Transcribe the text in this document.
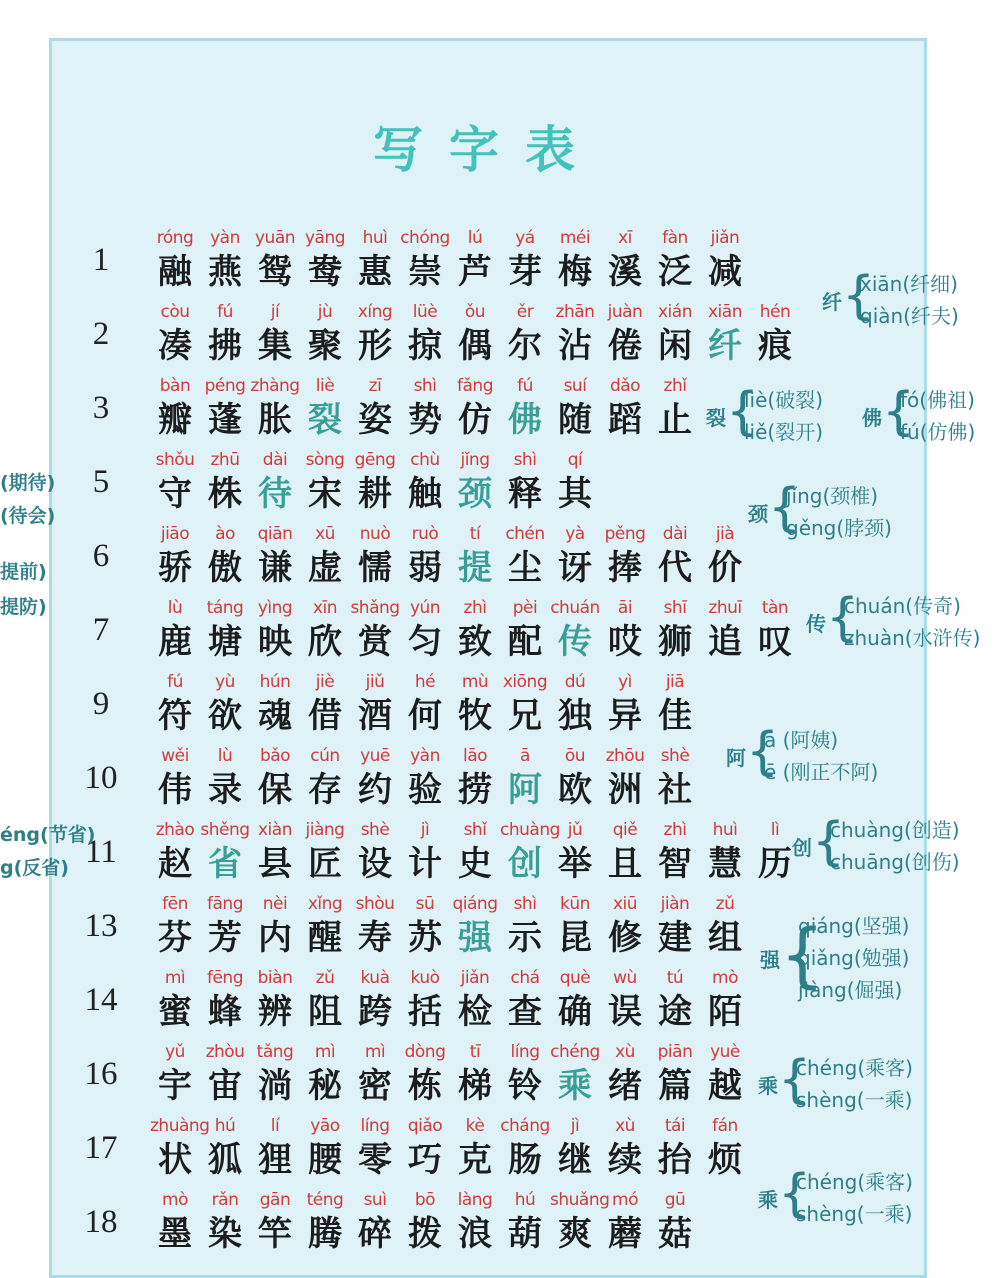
写字表
1
róng
融
yàn
燕
yuān
鸳
yāng
鸯
huì
惠
chóng
崇
lú
芦
yá
芽
méi
梅
xī
溪
fàn
泛
jiǎn
减
2
còu
凑
fú
拂
jí
集
jù
聚
xíng
形
lüè
掠
ǒu
偶
ěr
尔
zhān
沾
juàn
倦
xián
闲
xiān
纤
hén
痕
3
bàn
瓣
péng
蓬
zhàng
胀
liè
裂
zī
姿
shì
势
fǎng
仿
fú
佛
suí
随
dǎo
蹈
zhǐ
止
5
shǒu
守
zhū
株
dài
待
sòng
宋
gēng
耕
chù
触
jǐng
颈
shì
释
qí
其
6
jiāo
骄
ào
傲
qiān
谦
xū
虚
nuò
懦
ruò
弱
tí
提
chén
尘
yà
讶
pěng
捧
dài
代
jià
价
7
lù
鹿
táng
塘
yìng
映
xīn
欣
shǎng
赏
yún
匀
zhì
致
pèi
配
chuán
传
āi
哎
shī
狮
zhuī
追
tàn
叹
9
fú
符
yù
欲
hún
魂
jiè
借
jiǔ
酒
hé
何
mù
牧
xiōng
兄
dú
独
yì
异
jiā
佳
10
wěi
伟
lù
录
bǎo
保
cún
存
yuē
约
yàn
验
lāo
捞
ā
阿
ōu
欧
zhōu
洲
shè
社
11
zhào
赵
shěng
省
xiàn
县
jiàng
匠
shè
设
jì
计
shǐ
史
chuàng
创
jǔ
举
qiě
且
zhì
智
huì
慧
lì
历
13
fēn
芬
fāng
芳
nèi
内
xǐng
醒
shòu
寿
sū
苏
qiáng
强
shì
示
kūn
昆
xiū
修
jiàn
建
zǔ
组
14
mì
蜜
fēng
蜂
biàn
辨
zǔ
阻
kuà
跨
kuò
括
jiǎn
检
chá
查
què
确
wù
误
tú
途
mò
陌
16
yǔ
宇
zhòu
宙
tǎng
淌
mì
秘
mì
密
dòng
栋
tī
梯
líng
铃
chéng
乘
xù
绪
piān
篇
yuè
越
17
zhuàng
状
hú
狐
lí
狸
yāo
腰
líng
零
qiǎo
巧
kè
克
cháng
肠
jì
继
xù
续
tái
抬
fán
烦
18
mò
墨
rǎn
染
gān
竿
téng
腾
suì
碎
bō
拨
làng
浪
hú
葫
shuǎng
爽
mó
蘑
gū
菇
纤 {
xiān(纤细)
qiàn(纤夫)
裂 {
liè(破裂)
liě(裂开)
佛 {
fó(佛祖)
fú(仿佛)
颈 {
jǐng(颈椎)
gěng(脖颈)
传 {
chuán(传奇)
zhuàn(水浒传)
阿 {
ā (阿姨)
ē (刚正不阿)
创 {
chuàng(创造)
chuāng(创伤)
强 {
qiáng(坚强)
qiǎng(勉强)
jiàng(倔强)
乘 {
chéng(乘客)
shèng(一乘)
乘 {
chéng(乘客)
shèng(一乘)
(期待)
(待会)
提前)
提防)
éng(节省)
g(反省)
